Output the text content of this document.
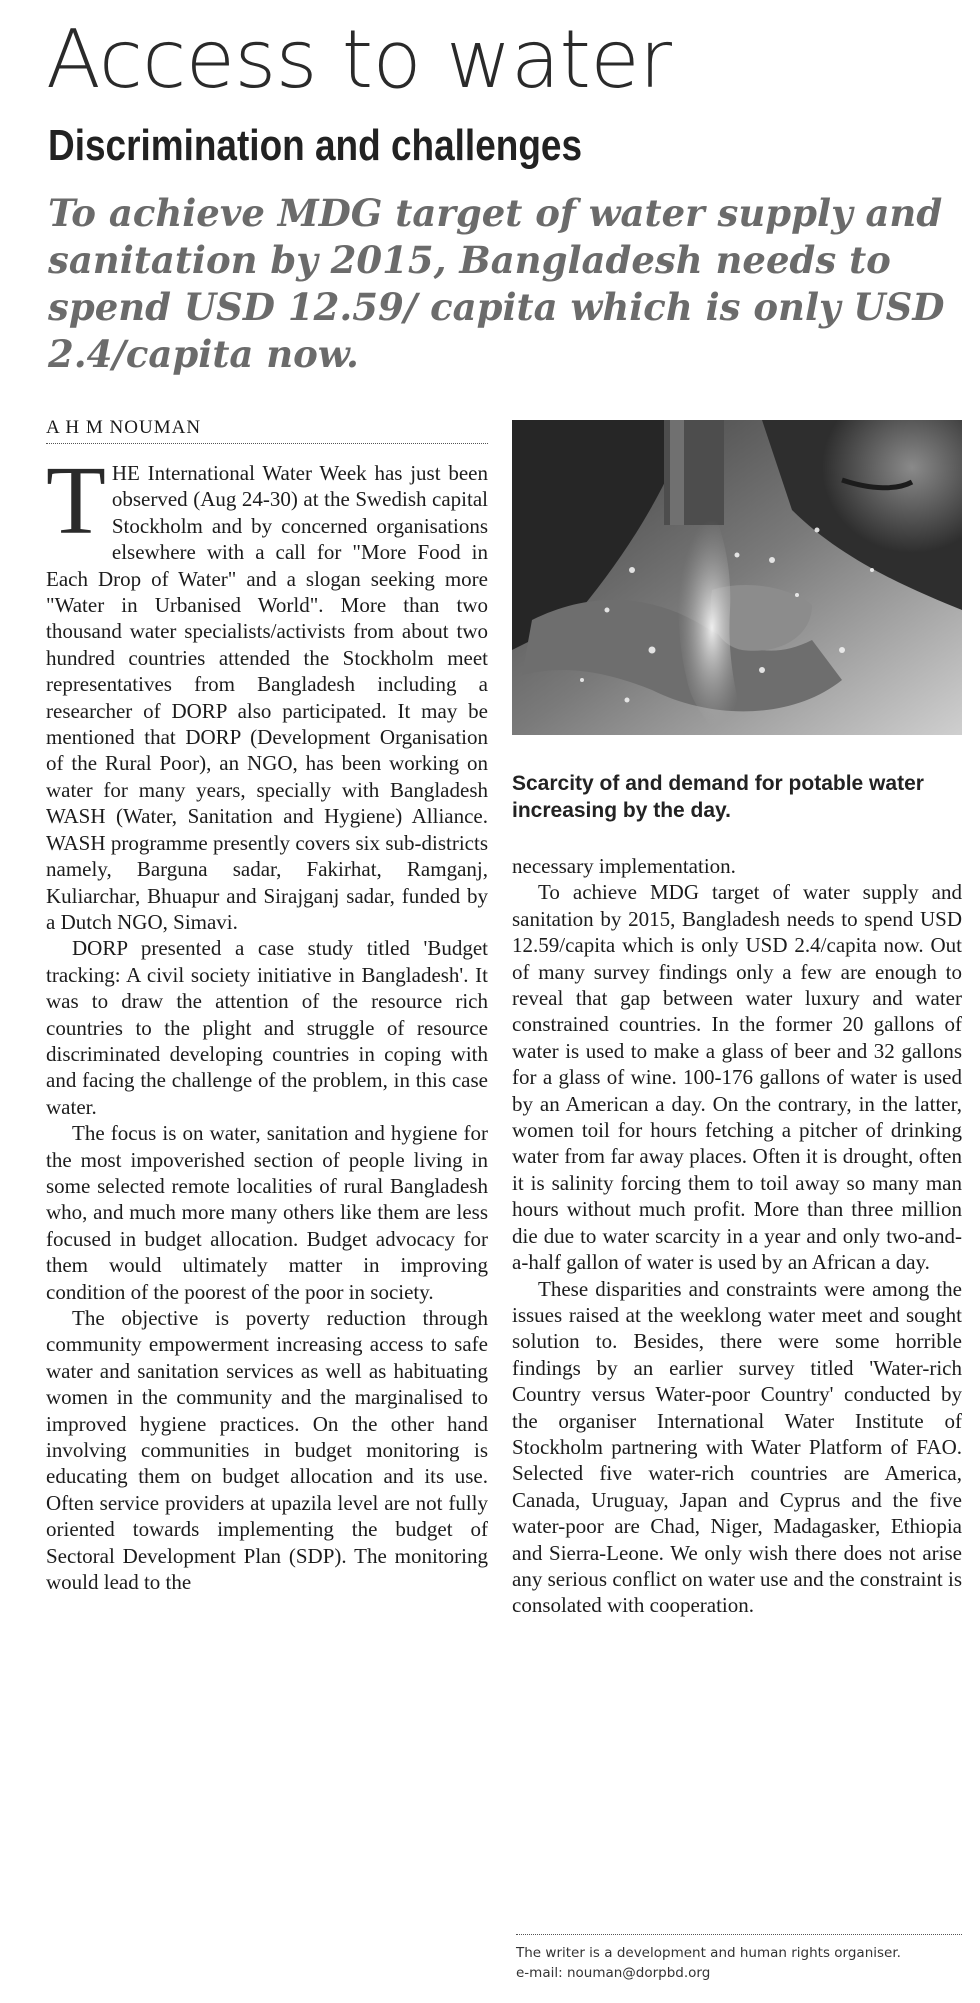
Access to water
Discrimination and challenges

To achieve MDG target of water supply and sanitation by 2015, Bangladesh needs to spend USD 12.59/ capita which is only USD 2.4/capita now.

A H M NOUMAN

THE International Water Week has just been observed (Aug 24-30) at the Swedish capital Stockholm and by concerned organisations elsewhere with a call for "More Food in Each Drop of Water" and a slogan seeking more "Water in Urbanised World". More than two thousand water specialists/activists from about two hundred countries attended the Stockholm meet representatives from Bangladesh including a researcher of DORP also participated. It may be mentioned that DORP (Development Organisation of the Rural Poor), an NGO, has been working on water for many years, specially with Bangladesh WASH (Water, Sanitation and Hygiene) Alliance. WASH programme presently covers six sub-districts namely, Barguna sadar, Fakirhat, Ramganj, Kuliarchar, Bhuapur and Sirajganj sadar, funded by a Dutch NGO, Simavi.

DORP presented a case study titled 'Budget tracking: A civil society initiative in Bangladesh'. It was to draw the attention of the resource rich countries to the plight and struggle of resource discriminated developing countries in coping with and facing the challenge of the problem, in this case water.

The focus is on water, sanitation and hygiene for the most impoverished section of people living in some selected remote localities of rural Bangladesh who, and much more many others like them are less focused in budget allocation. Budget advocacy for them would ultimately matter in improving condition of the poorest of the poor in society.

The objective is poverty reduction through community empowerment increasing access to safe water and sanitation services as well as habituating women in the community and the marginalised to improved hygiene practices. On the other hand involving communities in budget monitoring is educating them on budget allocation and its use. Often service providers at upazila level are not fully oriented towards implementing the budget of Sectoral Development Plan (SDP). The monitoring would lead to the

Scarcity of and demand for potable water increasing by the day.

necessary implementation.

To achieve MDG target of water supply and sanitation by 2015, Bangladesh needs to spend USD 12.59/capita which is only USD 2.4/capita now. Out of many survey findings only a few are enough to reveal that gap between water luxury and water constrained countries. In the former 20 gallons of water is used to make a glass of beer and 32 gallons for a glass of wine. 100-176 gallons of water is used by an American a day. On the contrary, in the latter, women toil for hours fetching a pitcher of drinking water from far away places. Often it is drought, often it is salinity forcing them to toil away so many man hours without much profit. More than three million die due to water scarcity in a year and only two-and-a-half gallon of water is used by an African a day.

These disparities and constraints were among the issues raised at the weeklong water meet and sought solution to. Besides, there were some horrible findings by an earlier survey titled 'Water-rich Country versus Water-poor Country' conducted by the organiser International Water Institute of Stockholm partnering with Water Platform of FAO. Selected five water-rich countries are America, Canada, Uruguay, Japan and Cyprus and the five water-poor are Chad, Niger, Madagasker, Ethiopia and Sierra-Leone. We only wish there does not arise any serious conflict on water use and the constraint is consolated with cooperation.

The writer is a development and human rights organiser.
e-mail: nouman@dorpbd.org
